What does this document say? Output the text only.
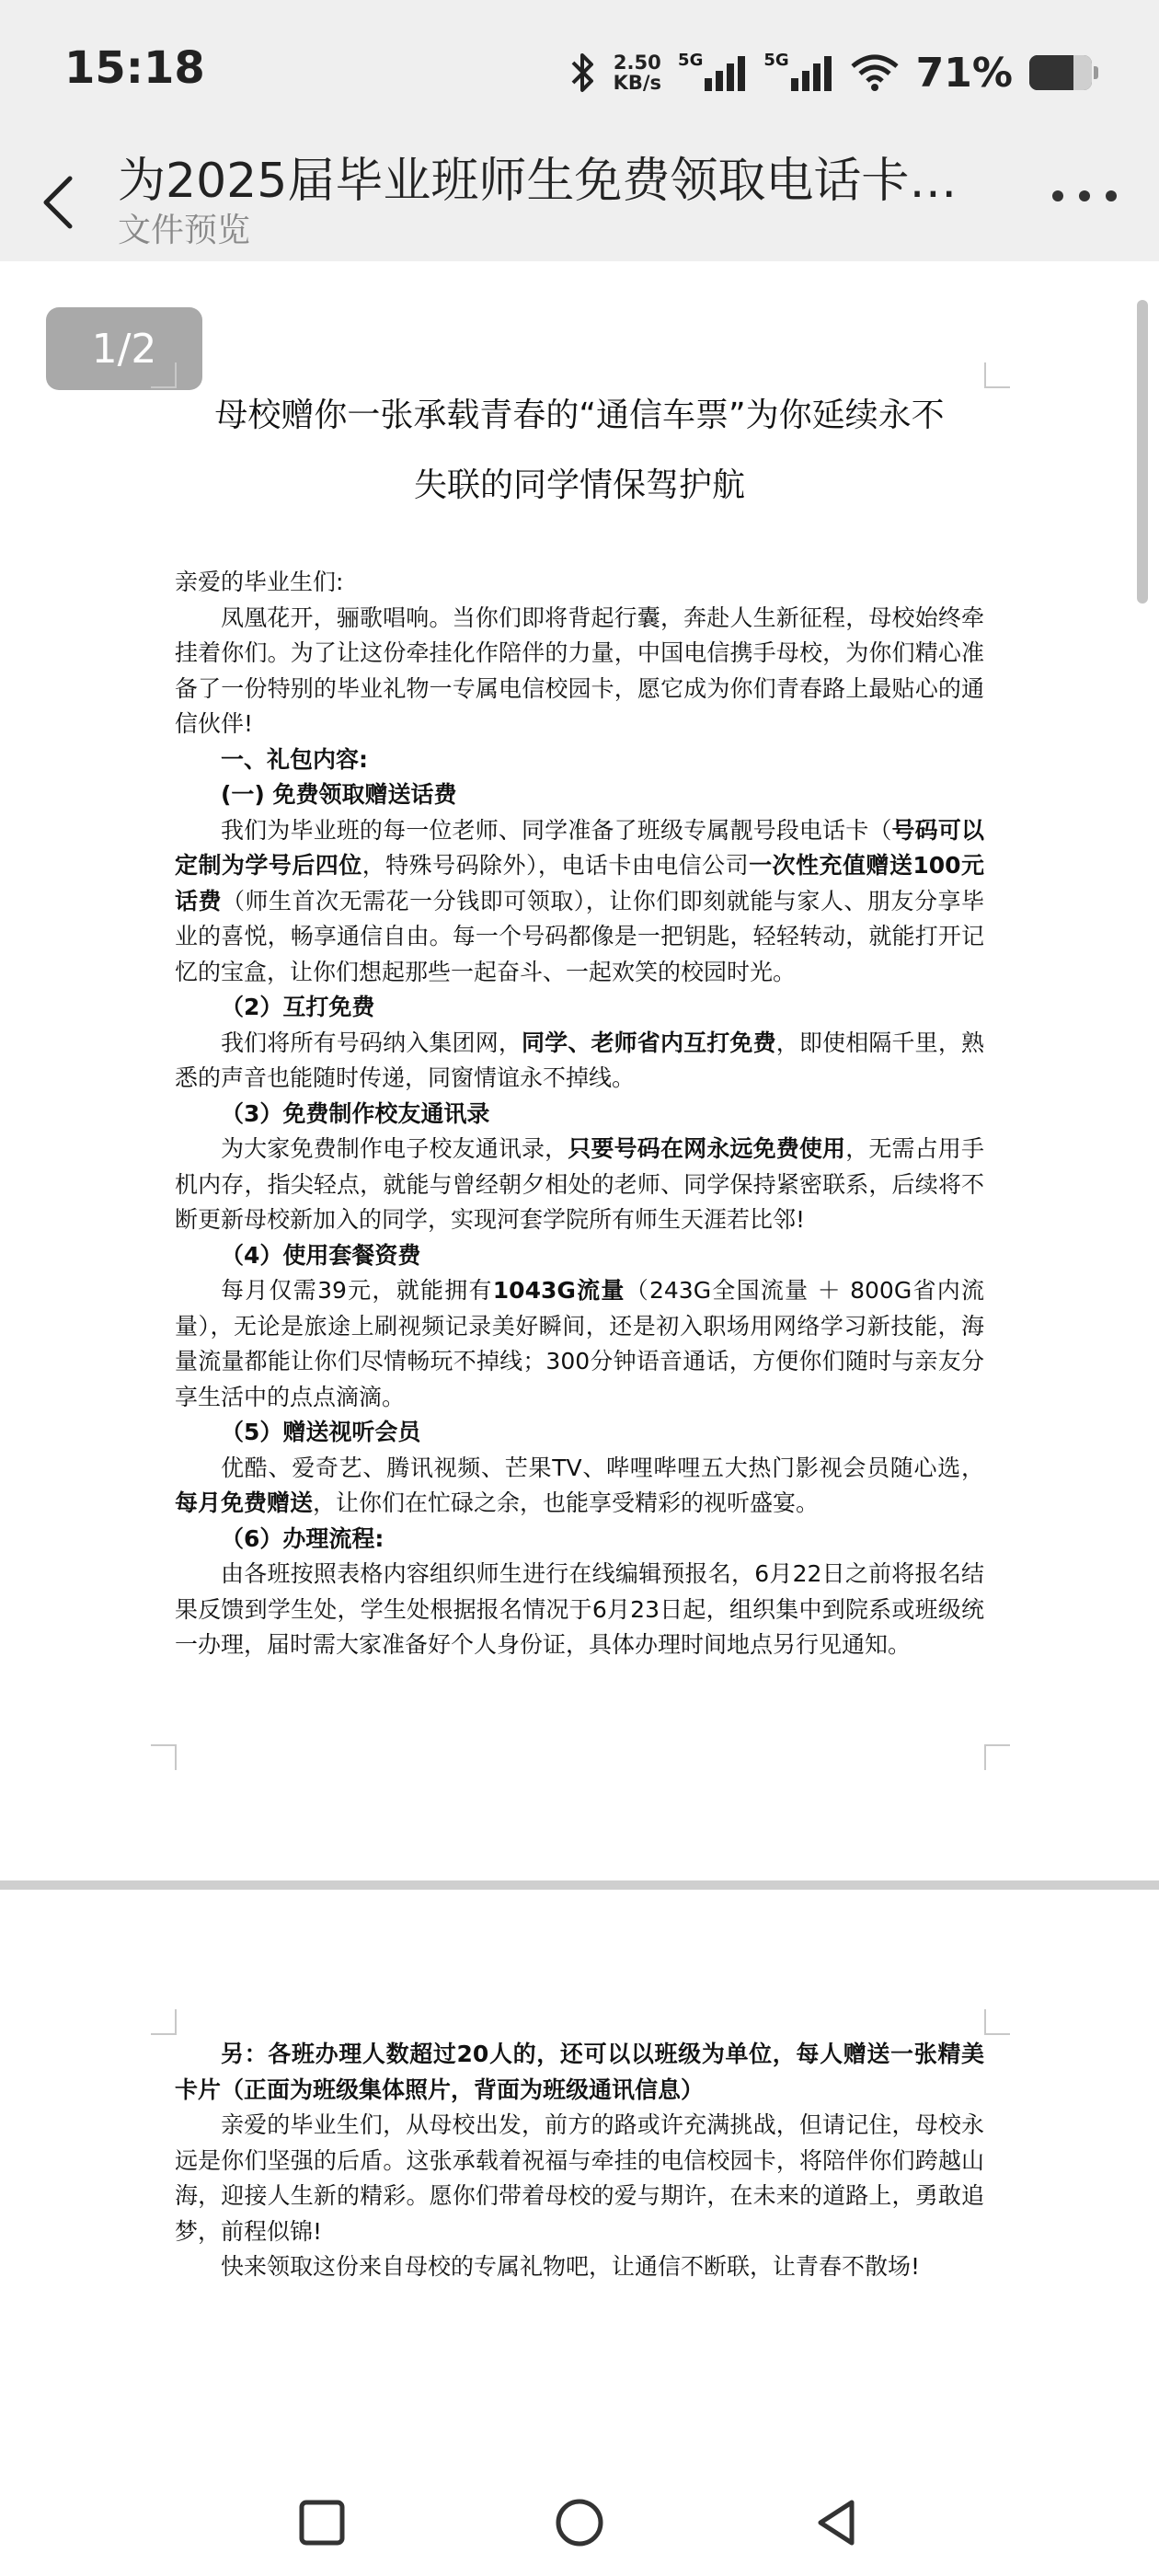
15:18	2.50
KB/s
5G	5G	71%
为2025届毕业班师生免费领取电话卡…
文件预览
1/2
母校赠你一张承载青春的“通信车票”为你延续永不
失联的同学情保驾护航

亲爱的毕业生们:

凤凰花开，骊歌唱响。当你们即将背起行囊，奔赴人生新征程，母校始终牵挂着你们。为了让这份牵挂化作陪伴的力量，中国电信携手母校，为你们精心准备了一份特别的毕业礼物一专属电信校园卡，愿它成为你们青春路上最贴心的通信伙伴!

一、礼包内容:

(一) 免费领取赠送话费

我们为毕业班的每一位老师、同学准备了班级专属靓号段电话卡（号码可以定制为学号后四位，特殊号码除外），电话卡由电信公司一次性充值赠送100元话费（师生首次无需花一分钱即可领取），让你们即刻就能与家人、朋友分享毕业的喜悦，畅享通信自由。每一个号码都像是一把钥匙，轻轻转动，就能打开记忆的宝盒，让你们想起那些一起奋斗、一起欢笑的校园时光。

（2）互打免费

我们将所有号码纳入集团网，同学、老师省内互打免费，即使相隔千里，熟悉的声音也能随时传递，同窗情谊永不掉线。

（3）免费制作校友通讯录

为大家免费制作电子校友通讯录，只要号码在网永远免费使用，无需占用手机内存，指尖轻点，就能与曾经朝夕相处的老师、同学保持紧密联系，后续将不断更新母校新加入的同学，实现河套学院所有师生天涯若比邻!

（4）使用套餐资费

每月仅需39元，就能拥有1043G流量（243G全国流量 ＋ 800G省内流量），无论是旅途上刷视频记录美好瞬间，还是初入职场用网络学习新技能，海量流量都能让你们尽情畅玩不掉线；300分钟语音通话，方便你们随时与亲友分享生活中的点点滴滴。

（5）赠送视听会员

优酷、爱奇艺、腾讯视频、芒果TV、哔哩哔哩五大热门影视会员随心选，每月免费赠送，让你们在忙碌之余，也能享受精彩的视听盛宴。

（6）办理流程:

由各班按照表格内容组织师生进行在线编辑预报名，6月22日之前将报名结果反馈到学生处，学生处根据报名情况于6月23日起，组织集中到院系或班级统一办理，届时需大家准备好个人身份证，具体办理时间地点另行见通知。

另：各班办理人数超过20人的，还可以以班级为单位，每人赠送一张精美卡片（正面为班级集体照片，背面为班级通讯信息）

亲爱的毕业生们，从母校出发，前方的路或许充满挑战，但请记住，母校永远是你们坚强的后盾。这张承载着祝福与牵挂的电信校园卡，将陪伴你们跨越山海，迎接人生新的精彩。愿你们带着母校的爱与期许，在未来的道路上，勇敢追梦，前程似锦!

快来领取这份来自母校的专属礼物吧，让通信不断联，让青春不散场!
